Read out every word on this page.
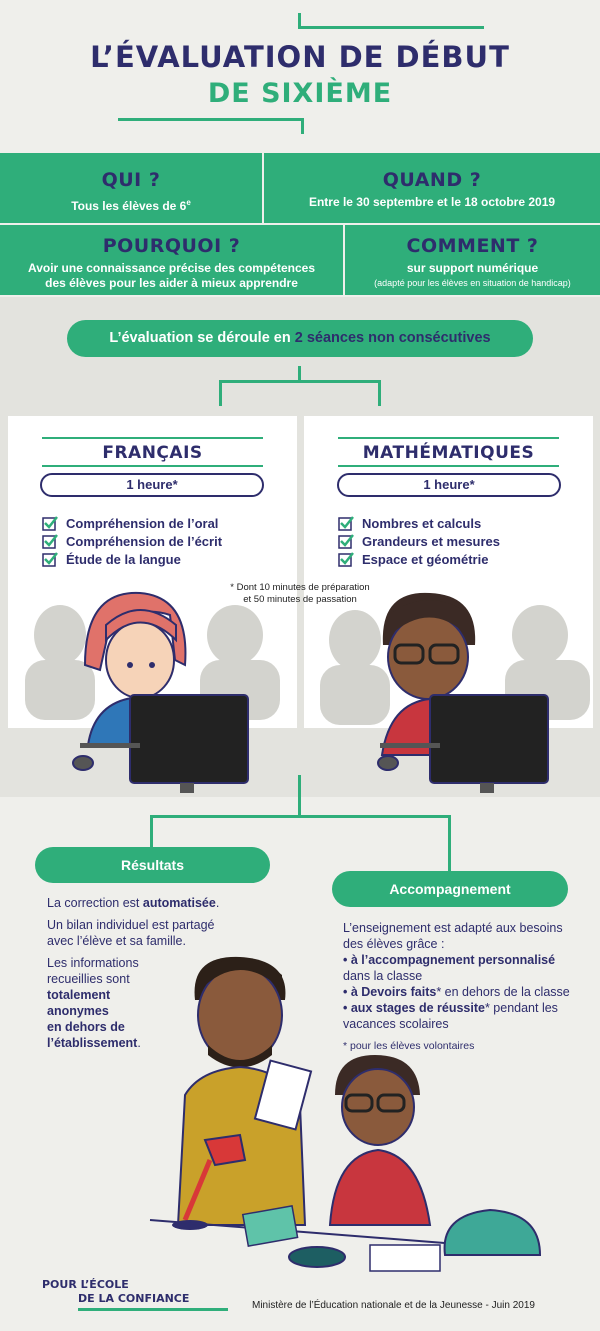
L’ÉVALUATION DE DÉBUT
DE SIXIÈME
QUI ?
Tous les élèves de 6e
QUAND ?
Entre le 30 septembre et le 18 octobre 2019
POURQUOI ?
Avoir une connaissance précise des compétences
des élèves pour les aider à mieux apprendre
COMMENT ?
sur support numérique
(adapté pour les élèves en situation de handicap)
L’évaluation se déroule en 2 séances non consécutives
FRANÇAIS
1 heure*
MATHÉMATIQUES
1 heure*
Compréhension de l’oral
Compréhension de l’écrit
Étude de la langue
Nombres et calculs
Grandeurs et mesures
Espace et géométrie
* Dont 10 minutes de préparation
et 50 minutes de passation
Résultats
La correction est automatisée.
Un bilan individuel est partagé
avec l’élève et sa famille.
Les informations
recueillies sont
totalement
anonymes
en dehors de
l’établissement.
Accompagnement
L’enseignement est adapté aux besoins
des élèves grâce :
• à l’accompagnement personnalisé
dans la classe
• à Devoirs faits* en dehors de la classe
• aux stages de réussite* pendant les
vacances scolaires
* pour les élèves volontaires
POUR L’ÉCOLE
DE LA CONFIANCE
Ministère de l’Éducation nationale et de la Jeunesse - Juin 2019
